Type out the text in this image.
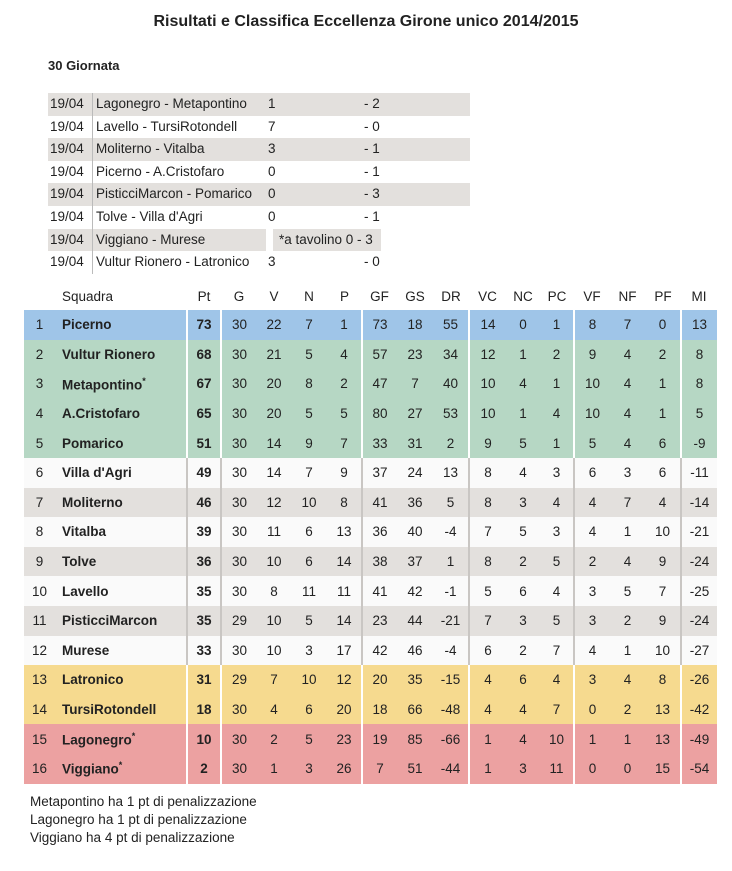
Risultati e Classifica Eccellenza Girone unico 2014/2015
30 Giornata
19/04 Lagonegro - Metapontino 1	- 2
19/04 Lavello - TursiRotondell 7	- 0
19/04 Moliterno - Vitalba	3	- 1
19/04 Picerno - A.Cristofaro	0	- 1
19/04 PisticciMarcon - Pomarico 0	- 3
19/04 Tolve - Villa d'Agri	0	- 1
19/04 Viggiano - Murese	*a tavolino 0 - 3
19/04 Vultur Rionero - Latronico 3	- 0
	Squadra	Pt	G	V	N	P	GF	GS	DR	VC	NC	PC	VF	NF	PF	MI
1	Picerno	73	30	22	7	1	73	18	55	14	0	1	8	7	0	13
2	Vultur Rionero	68	30	21	5	4	57	23	34	12	1	2	9	4	2	8
3	Metapontino*	67	30	20	8	2	47	7	40	10	4	1	10	4	1	8
4	A.Cristofaro	65	30	20	5	5	80	27	53	10	1	4	10	4	1	5
5	Pomarico	51	30	14	9	7	33	31	2	9	5	1	5	4	6	-9
6	Villa d'Agri	49	30	14	7	9	37	24	13	8	4	3	6	3	6	-11
7	Moliterno	46	30	12	10	8	41	36	5	8	3	4	4	7	4	-14
8	Vitalba	39	30	11	6	13	36	40	-4	7	5	3	4	1	10	-21
9	Tolve	36	30	10	6	14	38	37	1	8	2	5	2	4	9	-24
10	Lavello	35	30	8	11	11	41	42	-1	5	6	4	3	5	7	-25
11	PisticciMarcon	35	29	10	5	14	23	44	-21	7	3	5	3	2	9	-24
12	Murese	33	30	10	3	17	42	46	-4	6	2	7	4	1	10	-27
13	Latronico	31	29	7	10	12	20	35	-15	4	6	4	3	4	8	-26
14	TursiRotondell	18	30	4	6	20	18	66	-48	4	4	7	0	2	13	-42
15	Lagonegro*	10	30	2	5	23	19	85	-66	1	4	10	1	1	13	-49
16	Viggiano*	2	30	1	3	26	7	51	-44	1	3	11	0	0	15	-54
Metapontino ha 1 pt di penalizzazione
Lagonegro ha 1 pt di penalizzazione
Viggiano ha 4 pt di penalizzazione
